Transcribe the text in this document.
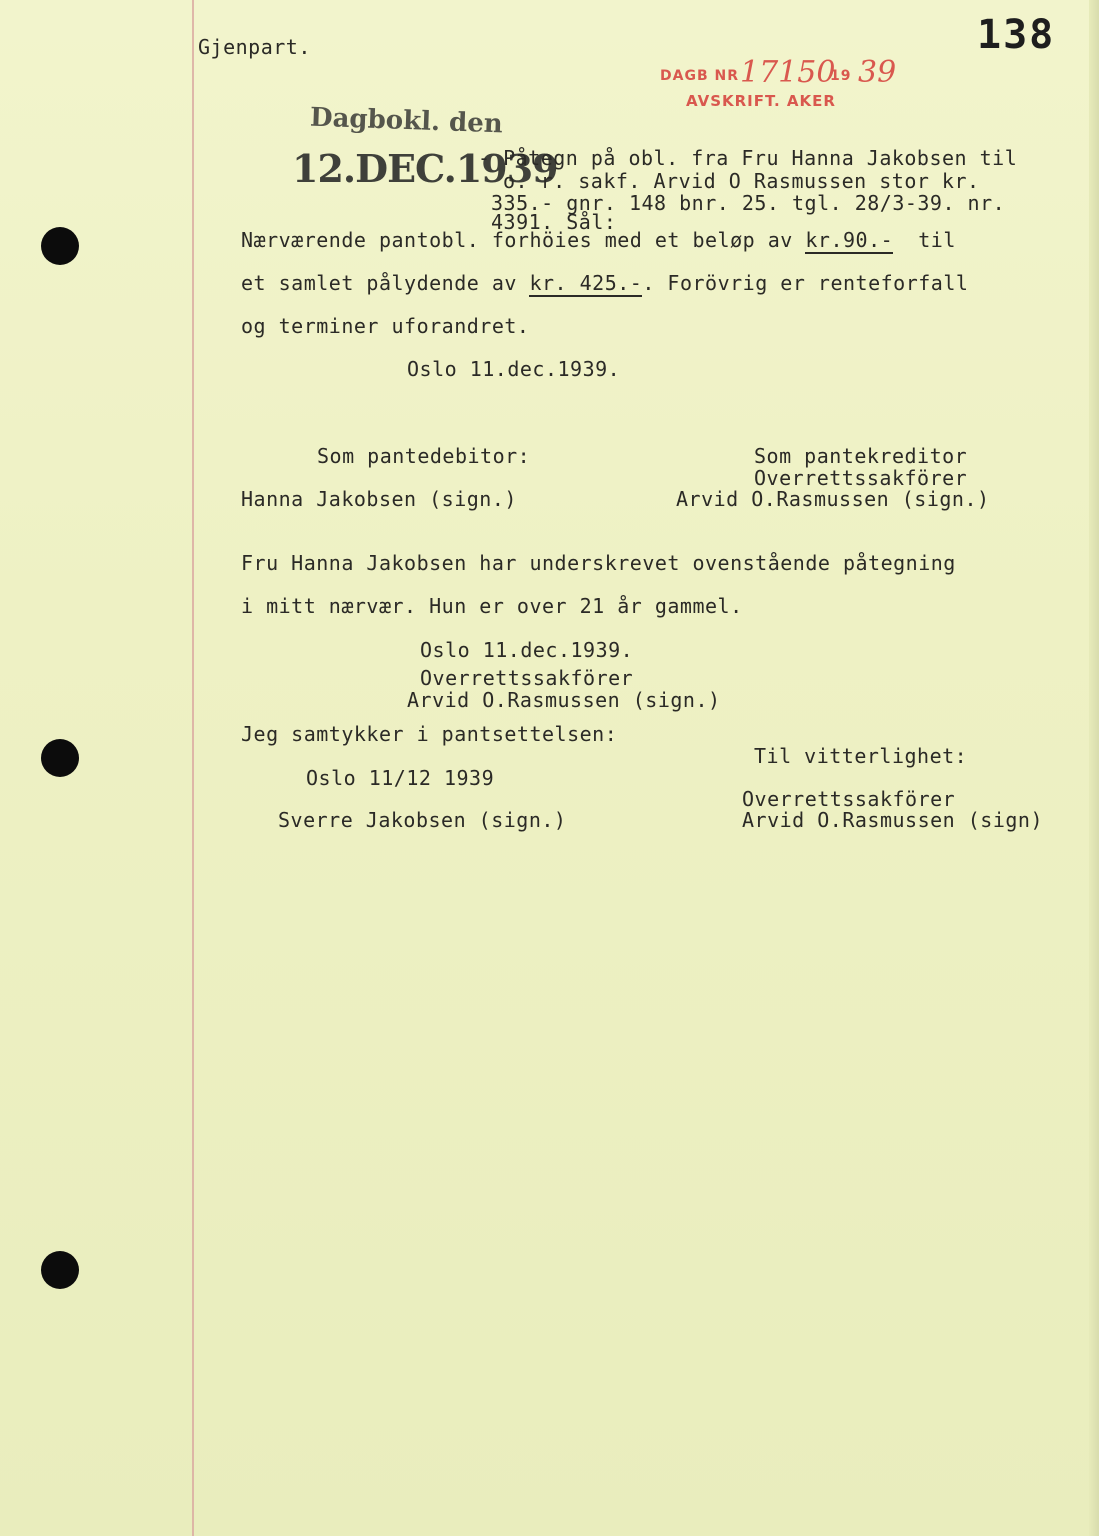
138
Gjenpart.
DAGB NR 17150
19 39
AVSKRIFT. AKER
Dagbokl. den
12.DEC.1939
- Påtegn på obl. fra Fru Hanna Jakobsen til
o. r. sakf. Arvid O Rasmussen stor kr.
335.- gnr. 148 bnr. 25. tgl. 28/3-39. nr.
4391. Sål:
Nærværende pantobl. forhöies med et beløp av kr.90.-  til
et samlet pålydende av kr. 425.-. Forövrig er renteforfall
og terminer uforandret.
Oslo 11.dec.1939.
Som pantedebitor:
Hanna Jakobsen (sign.)
Som pantekreditor
Overrettssakförer
Arvid O.Rasmussen (sign.)
Fru Hanna Jakobsen har underskrevet ovenstående påtegning
i mitt nærvær. Hun er over 21 år gammel.
Oslo 11.dec.1939.
Overrettssakförer
Arvid O.Rasmussen (sign.)
Jeg samtykker i pantsettelsen:
Oslo 11/12 1939
Sverre Jakobsen (sign.)
Til vitterlighet:
Overrettssakförer
Arvid O.Rasmussen (sign)
